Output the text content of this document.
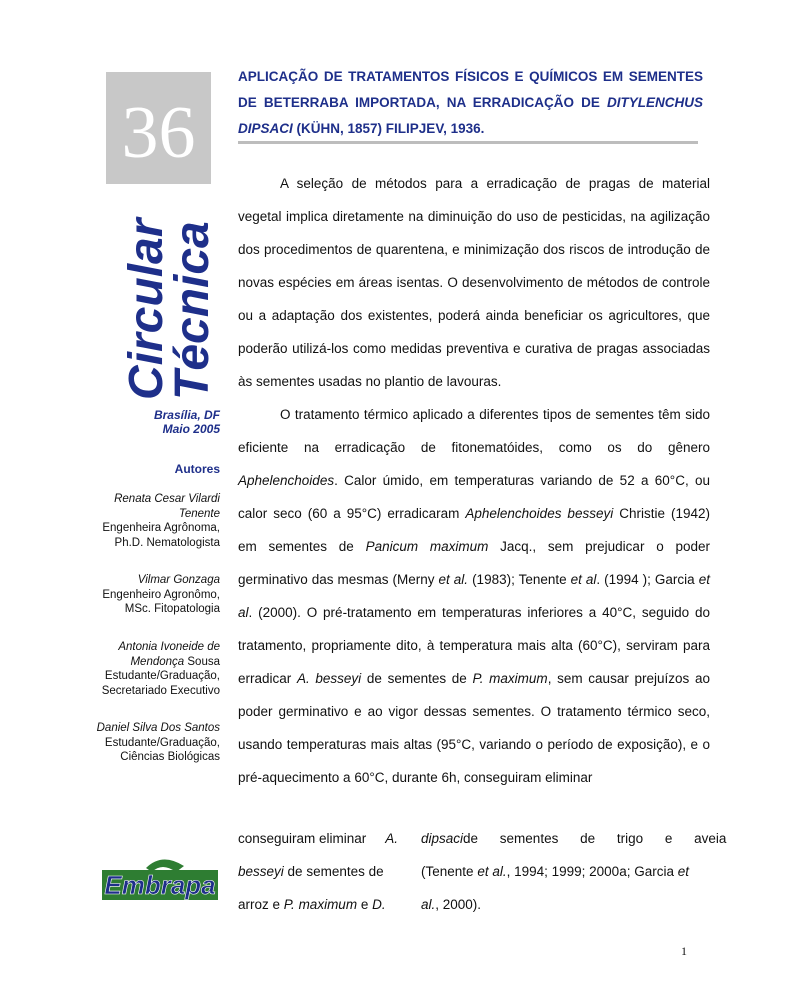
36
Circular
Técnica
Brasília, DF
Maio 2005
Autores
Renata Cesar Vilardi Tenente
Engenheira Agrônoma, Ph.D. Nematologista
Vilmar Gonzaga
Engenheiro Agronômo, MSc. Fitopatologia
Antonia Ivoneide de Mendonça Sousa
Estudante/Graduação, Secretariado Executivo
Daniel Silva Dos Santos
Estudante/Graduação, Ciências Biológicas
Embrapa
APLICAÇÃO DE TRATAMENTOS FÍSICOS E QUÍMICOS EM SEMENTES DE BETERRABA IMPORTADA, NA ERRADICAÇÃO DE DITYLENCHUS DIPSACI (KÜHN, 1857) FILIPJEV, 1936.

A seleção de métodos para a erradicação de pragas de material vegetal implica diretamente na diminuição do uso de pesticidas, na agilização dos procedimentos de quarentena, e minimização dos riscos de introdução de novas espécies em áreas isentas. O desenvolvimento de métodos de controle ou a adaptação dos existentes, poderá ainda beneficiar os agricultores, que poderão utilizá-los como medidas preventiva e curativa de pragas associadas às sementes usadas no plantio de lavouras.

O tratamento térmico aplicado a diferentes tipos de sementes têm sido eficiente na erradicação de fitonematóides, como os do gênero Aphelenchoides. Calor úmido, em temperaturas variando de 52 a 60°C, ou calor seco (60 a 95°C) erradicaram Aphelenchoides besseyi Christie (1942) em sementes de Panicum maximum Jacq., sem prejudicar o poder germinativo das mesmas (Merny et al. (1983); Tenente et al. (1994 ); Garcia et al. (2000). O pré-tratamento em temperaturas inferiores a 40°C, seguido do tratamento, propriamente dito, à temperatura mais alta (60°C), serviram para erradicar A. besseyi de sementes de P. maximum, sem causar prejuízos ao poder germinativo e ao vigor dessas sementes. O tratamento térmico seco, usando temperaturas mais altas (95°C, variando o período de exposição), e o pré-aquecimento a 60°C, durante 6h, conseguiram eliminar

conseguiram eliminar A.
besseyi de sementes de
arroz e P. maximum e D.
dipsaci de sementes de trigo e aveia
(Tenente et al., 1994; 1999; 2000a; Garcia et
al., 2000).
1
